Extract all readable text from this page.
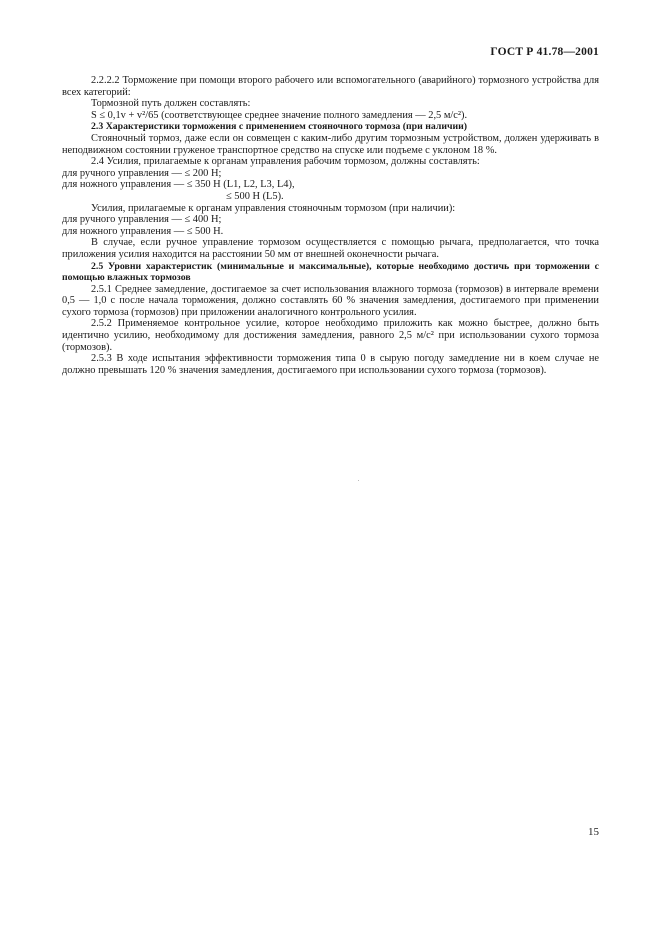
ГОСТ Р 41.78—2001

2.2.2.2 Торможение при помощи второго рабочего или вспомогательного (аварийного) тормозного устройства для всех категорий:

Тормозной путь должен составлять:

S ≤ 0,1v + v²/65 (соответствующее среднее значение полного замедления — 2,5 м/с²).

2.3 Характеристики торможения с применением стояночного тормоза (при наличии)

Стояночный тормоз, даже если он совмещен с каким-либо другим тормозным устройством, должен удерживать в неподвижном состоянии груженое транспортное средство на спуске или подъеме с уклоном 18 %.

2.4 Усилия, прилагаемые к органам управления рабочим тормозом, должны составлять:

для ручного управления — ≤ 200 Н;

для ножного управления — ≤ 350 Н (L1, L2, L3, L4),

≤ 500 Н (L5).

Усилия, прилагаемые к органам управления стояночным тормозом (при наличии):

для ручного управления — ≤ 400 Н;

для ножного управления — ≤ 500 Н.

В случае, если ручное управление тормозом осуществляется с помощью рычага, предполагается, что точка приложения усилия находится на расстоянии 50 мм от внешней оконечности рычага.

2.5 Уровни характеристик (минимальные и максимальные), которые необходимо достичь при торможении с помощью влажных тормозов

2.5.1 Среднее замедление, достигаемое за счет использования влажного тормоза (тормозов) в интервале времени 0,5 — 1,0 с после начала торможения, должно составлять 60 % значения замедления, достигаемого при применении сухого тормоза (тормозов) при приложении аналогичного контрольного усилия.

2.5.2 Применяемое контрольное усилие, которое необходимо приложить как можно быстрее, должно быть идентично усилию, необходимому для достижения замедления, равного 2,5 м/с² при использовании сухого тормоза (тормозов).

2.5.3 В ходе испытания эффективности торможения типа 0 в сырую погоду замедление ни в коем случае не должно превышать 120 % значения замедления, достигаемого при использовании сухого тормоза (тормозов).

15
